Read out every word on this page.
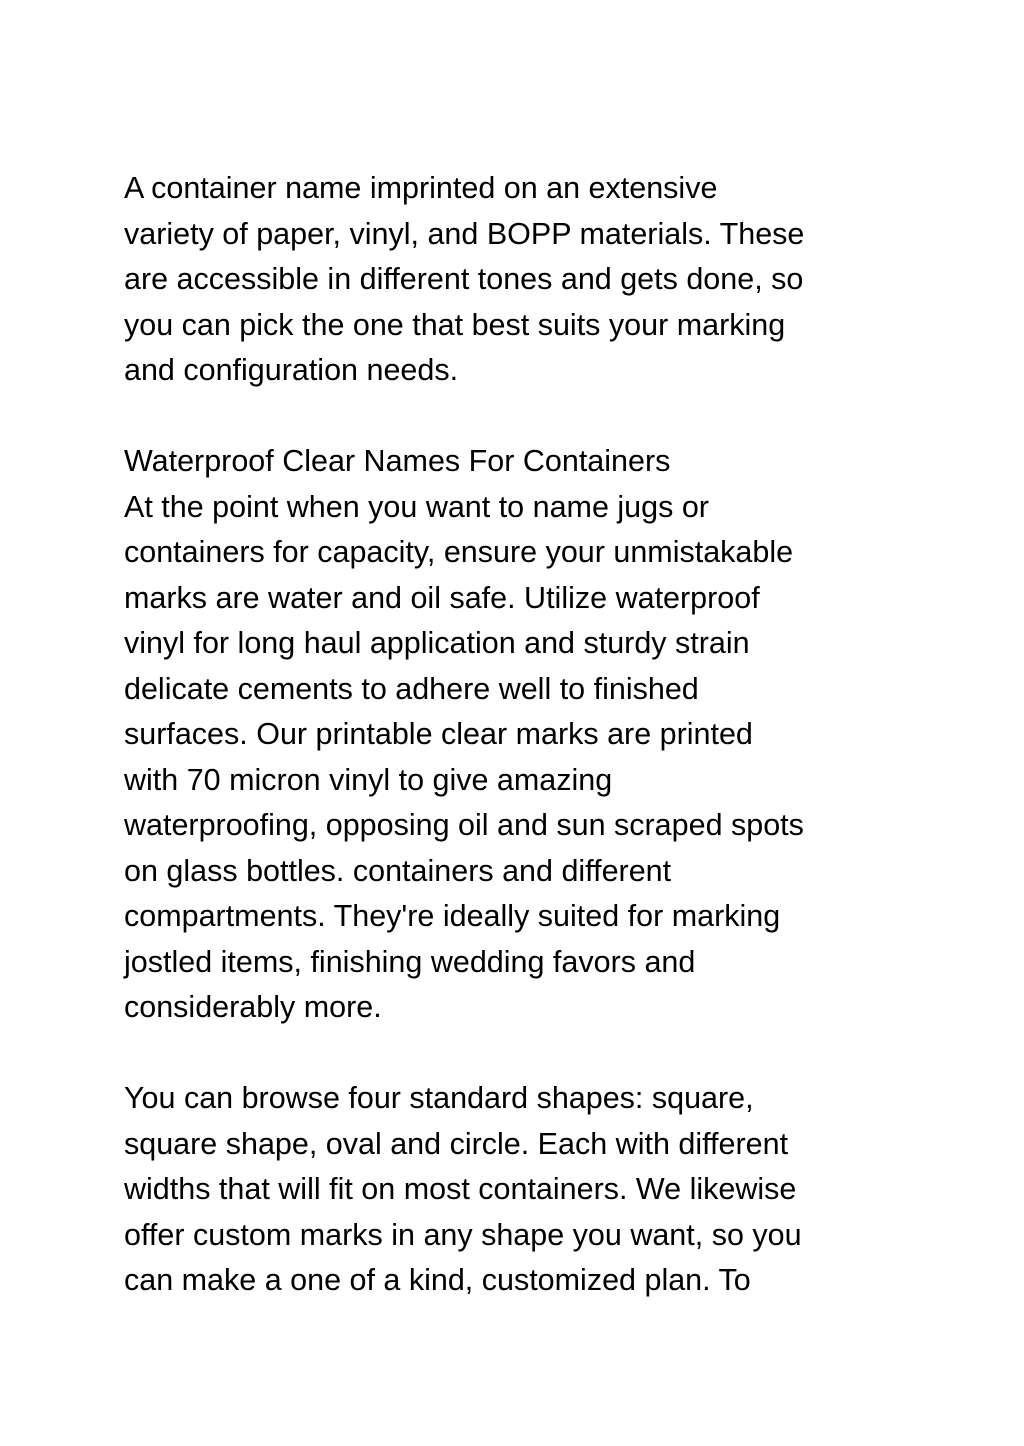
A container name imprinted on an extensive
variety of paper, vinyl, and BOPP materials. These
are accessible in different tones and gets done, so
you can pick the one that best suits your marking
and configuration needs.

Waterproof Clear Names For Containers

At the point when you want to name jugs or
containers for capacity, ensure your unmistakable
marks are water and oil safe. Utilize waterproof
vinyl for long haul application and sturdy strain
delicate cements to adhere well to finished
surfaces. Our printable clear marks are printed
with 70 micron vinyl to give amazing
waterproofing, opposing oil and sun scraped spots
on glass bottles. containers and different
compartments. They're ideally suited for marking
jostled items, finishing wedding favors and
considerably more.

You can browse four standard shapes: square,
square shape, oval and circle. Each with different
widths that will fit on most containers. We likewise
offer custom marks in any shape you want, so you
can make a one of a kind, customized plan. To
